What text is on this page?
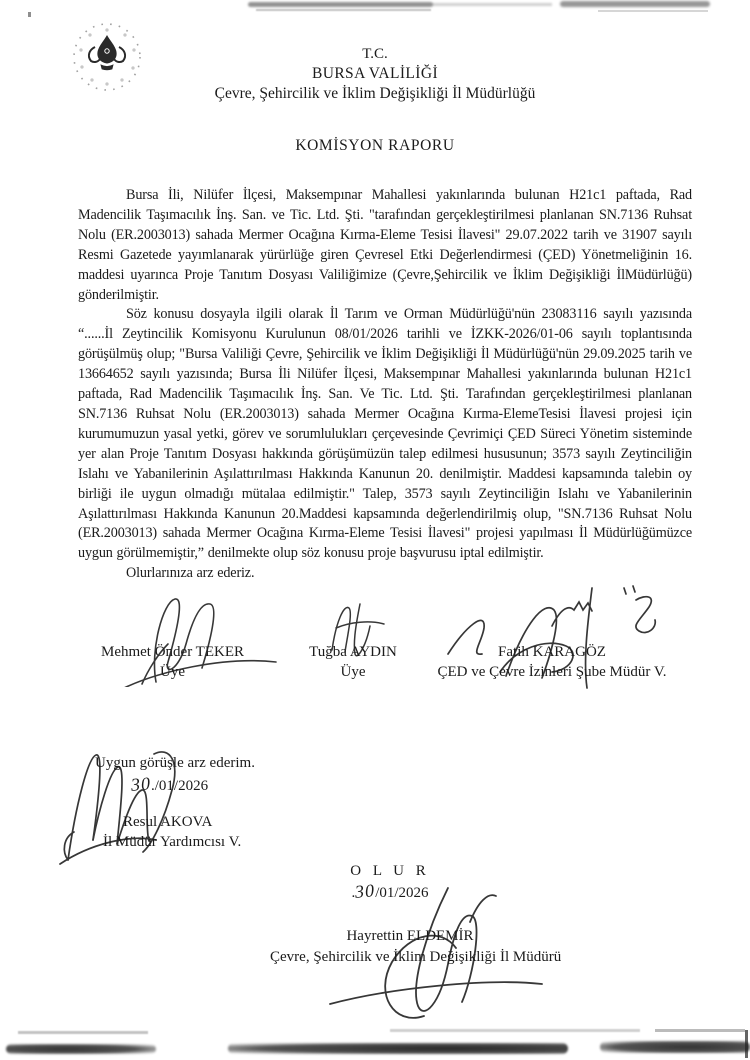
T.C.
BURSA VALİLİĞİ
Çevre, Şehircilik ve İklim Değişikliği İl Müdürlüğü
KOMİSYON RAPORU

Bursa İli, Nilüfer İlçesi, Maksempınar Mahallesi yakınlarında bulunan H21c1 paftada, Rad Madencilik Taşımacılık İnş. San. ve Tic. Ltd. Şti. "tarafından gerçekleştirilmesi planlanan SN.7136 Ruhsat Nolu (ER.2003013) sahada Mermer Ocağına Kırma-Eleme Tesisi İlavesi" 29.07.2022 tarih ve 31907 sayılı Resmi Gazetede yayımlanarak yürürlüğe giren Çevresel Etki Değerlendirmesi (ÇED) Yönetmeliğinin 16. maddesi uyarınca Proje Tanıtım Dosyası Valiliğimize (Çevre,Şehircilik ve İklim Değişikliği İlMüdürlüğü) gönderilmiştir.

Söz konusu dosyayla ilgili olarak İl Tarım ve Orman Müdürlüğü'nün 23083116 sayılı yazısında “......İl Zeytincilik Komisyonu Kurulunun 08/01/2026 tarihli ve İZKK-2026/01-06 sayılı toplantısında görüşülmüş olup; "Bursa Valiliği Çevre, Şehircilik ve İklim Değişikliği İl Müdürlüğü'nün 29.09.2025 tarih ve 13664652 sayılı yazısında; Bursa İli Nilüfer İlçesi, Maksempınar Mahallesi yakınlarında bulunan H21c1 paftada, Rad Madencilik Taşımacılık İnş. San. Ve Tic. Ltd. Şti. Tarafından gerçekleştirilmesi planlanan SN.7136 Ruhsat Nolu (ER.2003013) sahada Mermer Ocağına Kırma-ElemeTesisi İlavesi projesi için kurumumuzun yasal yetki, görev ve sorumlulukları çerçevesinde Çevrimiçi ÇED Süreci Yönetim sisteminde yer alan Proje Tanıtım Dosyası hakkında görüşümüzün talep edilmesi hususunun; 3573 sayılı Zeytinciliğin Islahı ve Yabanilerinin Aşılattırılması Hakkında Kanunun 20. denilmiştir. Maddesi kapsamında talebin oy birliği ile uygun olmadığı mütalaa edilmiştir." Talep, 3573 sayılı Zeytinciliğin Islahı ve Yabanilerinin Aşılattırılması Hakkında Kanunun 20.Maddesi kapsamında değerlendirilmiş olup, "SN.7136 Ruhsat Nolu (ER.2003013) sahada Mermer Ocağına Kırma-Eleme Tesisi İlavesi" projesi yapılması İl Müdürlüğümüzce uygun görülmemiştir,” denilmekte olup söz konusu proje başvurusu iptal edilmiştir.

Olurlarınıza arz ederiz.

Mehmet Önder TEKER
Üye
Tuğba AYDIN
Üye
Fatih KARAGÖZ
ÇED ve Çevre İzinleri Şube Müdür V.
Uygun görüşle arz ederim.
30./01/2026
Resul AKOVA
İl Müdür Yardımcısı V.
O L U R
.30/01/2026
Hayrettin ELDEMİR
Çevre, Şehircilik ve İklim Değişikliği İl Müdürü
